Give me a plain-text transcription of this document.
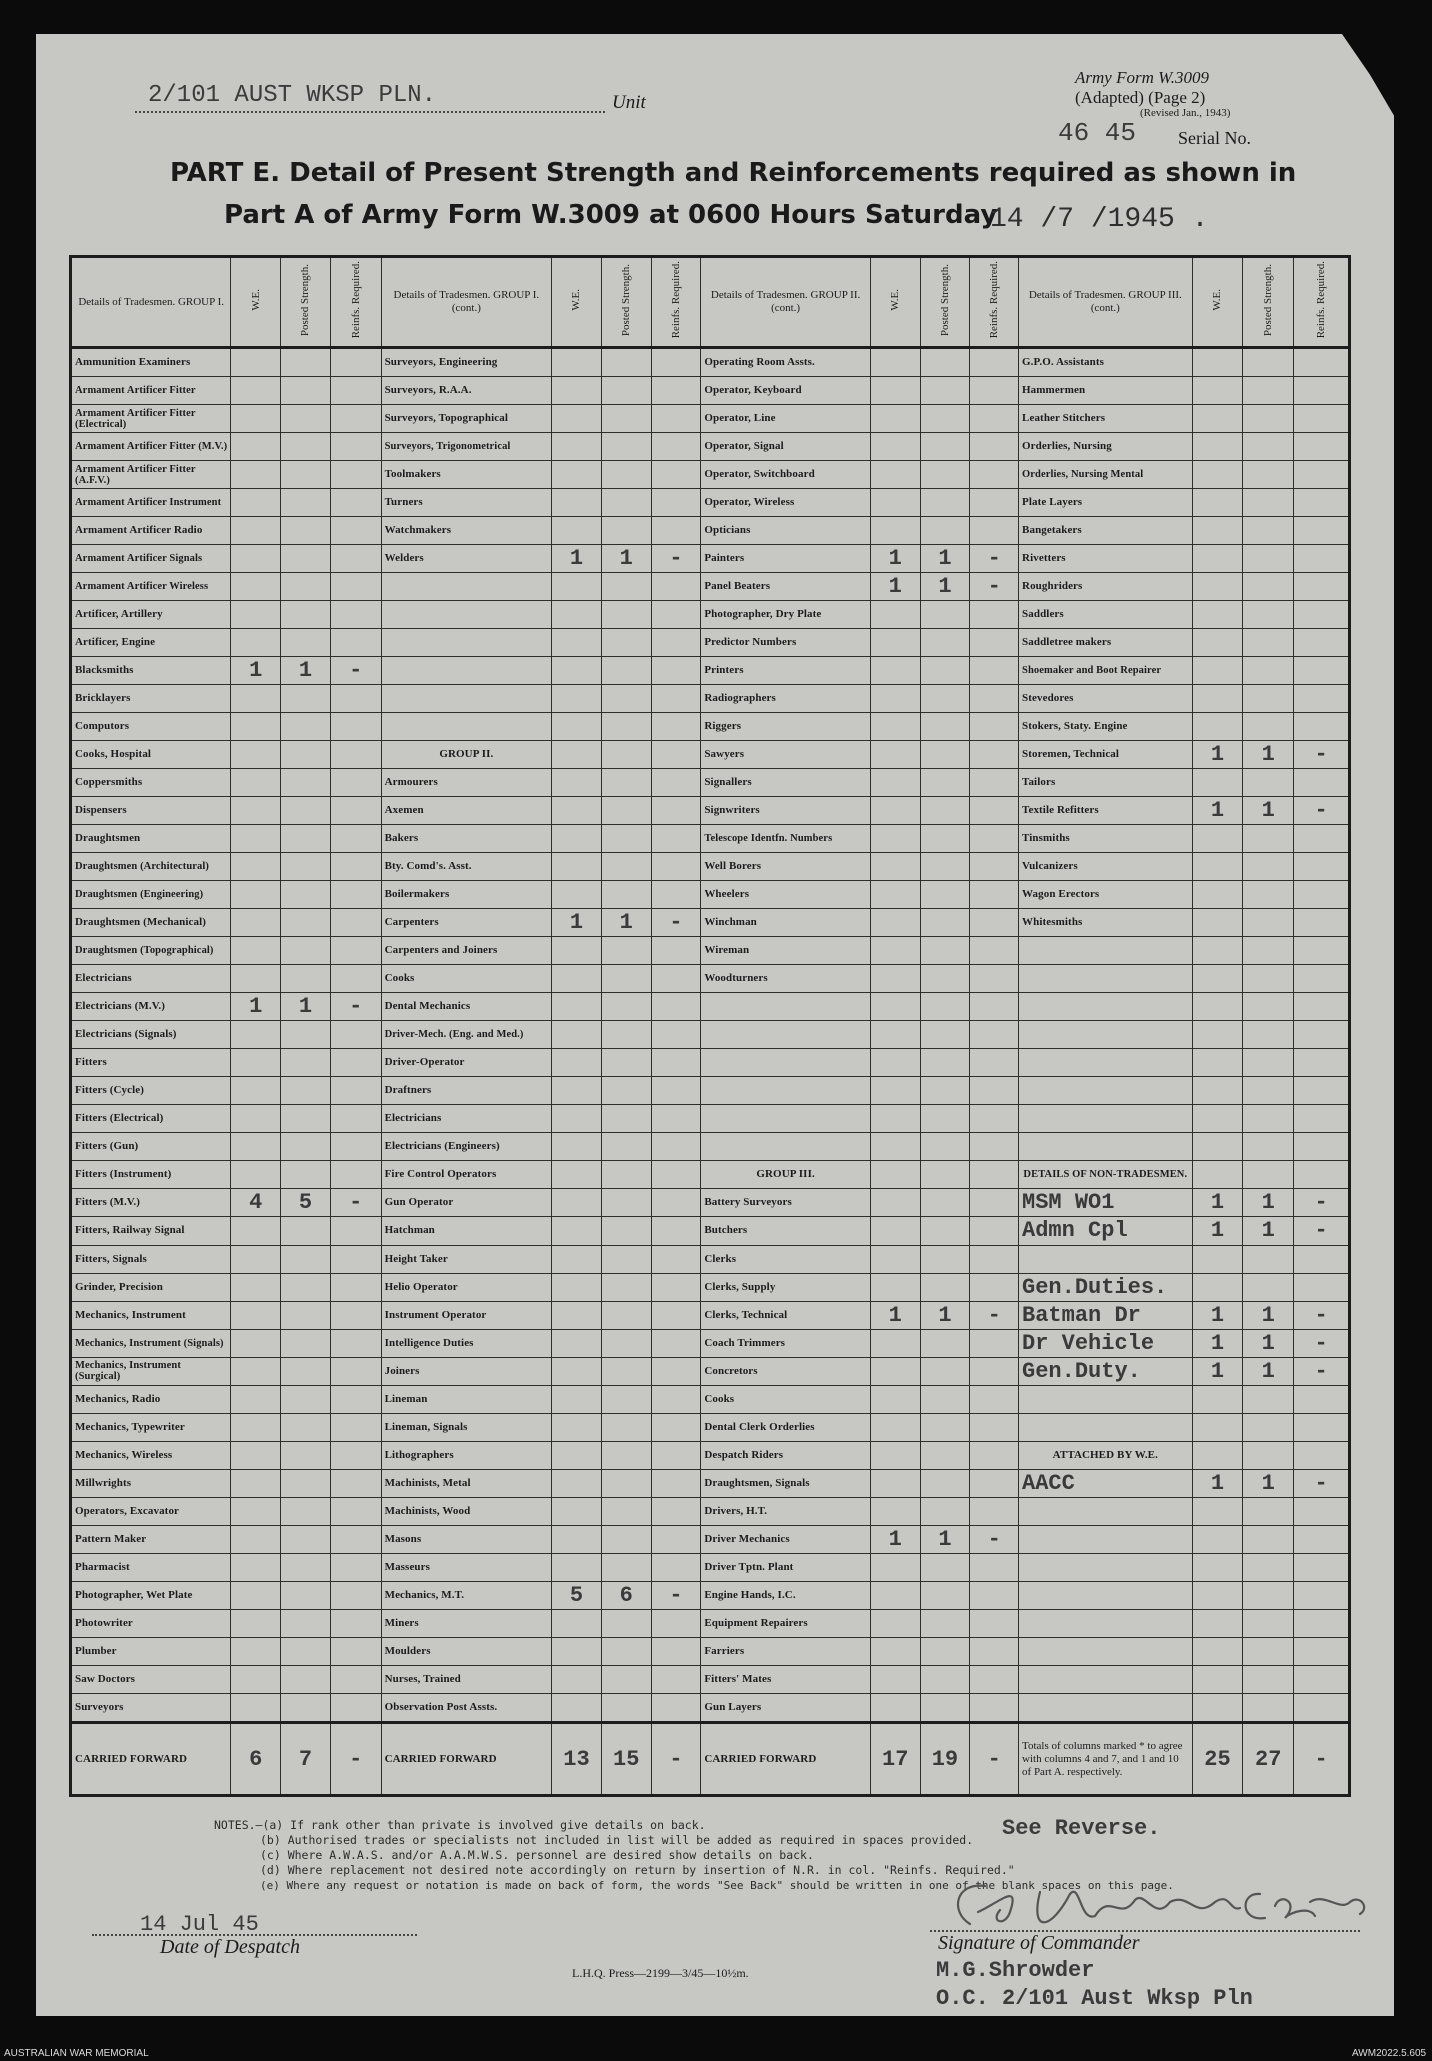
2/101 AUST WKSP PLN.	Unit
Army Form W.3009
(Adapted) (Page 2)
(Revised Jan., 1943)
46 45 Serial No.
PART E. Detail of Present Strength and Reinforcements required as shown in
Part A of Army Form W.3009 at 0600 Hours Saturday
14 /7 /1945 .
Details of Tradesmen. GROUP I.	W.E.	Posted Strength.	Reinfs. Required.	Details of Tradesmen. GROUP I. (cont.)	W.E.	Posted Strength.	Reinfs. Required.	Details of Tradesmen. GROUP II. (cont.)	W.E.	Posted Strength.	Reinfs. Required.	Details of Tradesmen. GROUP III. (cont.)	W.E.	Posted Strength.	Reinfs. Required.
Ammunition Examiners				Surveyors, Engineering				Operating Room Assts.				G.P.O. Assistants			
Armament Artificer Fitter				Surveyors, R.A.A.				Operator, Keyboard				Hammermen			
Armament Artificer Fitter (Electrical)				Surveyors, Topographical				Operator, Line				Leather Stitchers			
Armament Artificer Fitter (M.V.)				Surveyors, Trigonometrical				Operator, Signal				Orderlies, Nursing			
Armament Artificer Fitter (A.F.V.)				Toolmakers				Operator, Switchboard				Orderlies, Nursing Mental			
Armament Artificer Instrument				Turners				Operator, Wireless				Plate Layers			
Armament Artificer Radio				Watchmakers				Opticians				Bangetakers			
Armament Artificer Signals				Welders	1	1	-	Painters	1	1	-	Rivetters			
Armament Artificer Wireless								Panel Beaters	1	1	-	Roughriders			
Artificer, Artillery								Photographer, Dry Plate				Saddlers			
Artificer, Engine								Predictor Numbers				Saddletree makers			
Blacksmiths	1	1	-					Printers				Shoemaker and Boot Repairer			
Bricklayers								Radiographers				Stevedores			
Computors								Riggers				Stokers, Staty. Engine			
Cooks, Hospital				GROUP II.				Sawyers				Storemen, Technical	1	1	-
Coppersmiths				Armourers				Signallers				Tailors			
Dispensers				Axemen				Signwriters				Textile Refitters	1	1	-
Draughtsmen				Bakers				Telescope Identfn. Numbers				Tinsmiths			
Draughtsmen (Architectural)				Bty. Comd's. Asst.				Well Borers				Vulcanizers			
Draughtsmen (Engineering)				Boilermakers				Wheelers				Wagon Erectors			
Draughtsmen (Mechanical)				Carpenters	1	1	-	Winchman				Whitesmiths			
Draughtsmen (Topographical)				Carpenters and Joiners				Wireman							
Electricians				Cooks				Woodturners							
Electricians (M.V.)	1	1	-	Dental Mechanics											
Electricians (Signals)				Driver-Mech. (Eng. and Med.)											
Fitters				Driver-Operator											
Fitters (Cycle)				Draftners											
Fitters (Electrical)				Electricians											
Fitters (Gun)				Electricians (Engineers)											
Fitters (Instrument)				Fire Control Operators				GROUP III.				DETAILS OF NON-TRADESMEN.			
Fitters (M.V.)	4	5	-	Gun Operator				Battery Surveyors				MSM WO1	1	1	-
Fitters, Railway Signal				Hatchman				Butchers				Admn Cpl	1	1	-
Fitters, Signals				Height Taker				Clerks							
Grinder, Precision				Helio Operator				Clerks, Supply				Gen.Duties.			
Mechanics, Instrument				Instrument Operator				Clerks, Technical	1	1	-	Batman Dr	1	1	-
Mechanics, Instrument (Signals)				Intelligence Duties				Coach Trimmers				Dr Vehicle	1	1	-
Mechanics, Instrument (Surgical)				Joiners				Concretors				Gen.Duty.	1	1	-
Mechanics, Radio				Lineman				Cooks							
Mechanics, Typewriter				Lineman, Signals				Dental Clerk Orderlies							
Mechanics, Wireless				Lithographers				Despatch Riders				ATTACHED BY W.E.			
Millwrights				Machinists, Metal				Draughtsmen, Signals				AACC	1	1	-
Operators, Excavator				Machinists, Wood				Drivers, H.T.							
Pattern Maker				Masons				Driver Mechanics	1	1	-				
Pharmacist				Masseurs				Driver Tptn. Plant							
Photographer, Wet Plate				Mechanics, M.T.	5	6	-	Engine Hands, I.C.							
Photowriter				Miners				Equipment Repairers							
Plumber				Moulders				Farriers							
Saw Doctors				Nurses, Trained				Fitters' Mates							
Surveyors				Observation Post Assts.				Gun Layers							
CARRIED FORWARD	6	7	-	CARRIED FORWARD	13	15	-	CARRIED FORWARD	17	19	-	Totals of columns marked * to agree with columns 4 and 7, and 1 and 10 of Part A. respectively.	25	27	-
NOTES.—(a) If rank other than private is involved give details on back.
(b) Authorised trades or specialists not included in list will be added as required in spaces provided.
(c) Where A.W.A.S. and/or A.A.M.W.S. personnel are desired show details on back.
(d) Where replacement not desired note accordingly on return by insertion of N.R. in col. "Reinfs. Required."
(e) Where any request or notation is made on back of form, the words "See Back" should be written in one of the blank spaces on this page.
See Reverse.
14 Jul 45
Date of Despatch
L.H.Q. Press—2199—3/45—10½m.
Signature of Commander
M.G.Shrowder
O.C. 2/101 Aust Wksp Pln
AUSTRALIAN WAR MEMORIAL	AWM2022.5.605
